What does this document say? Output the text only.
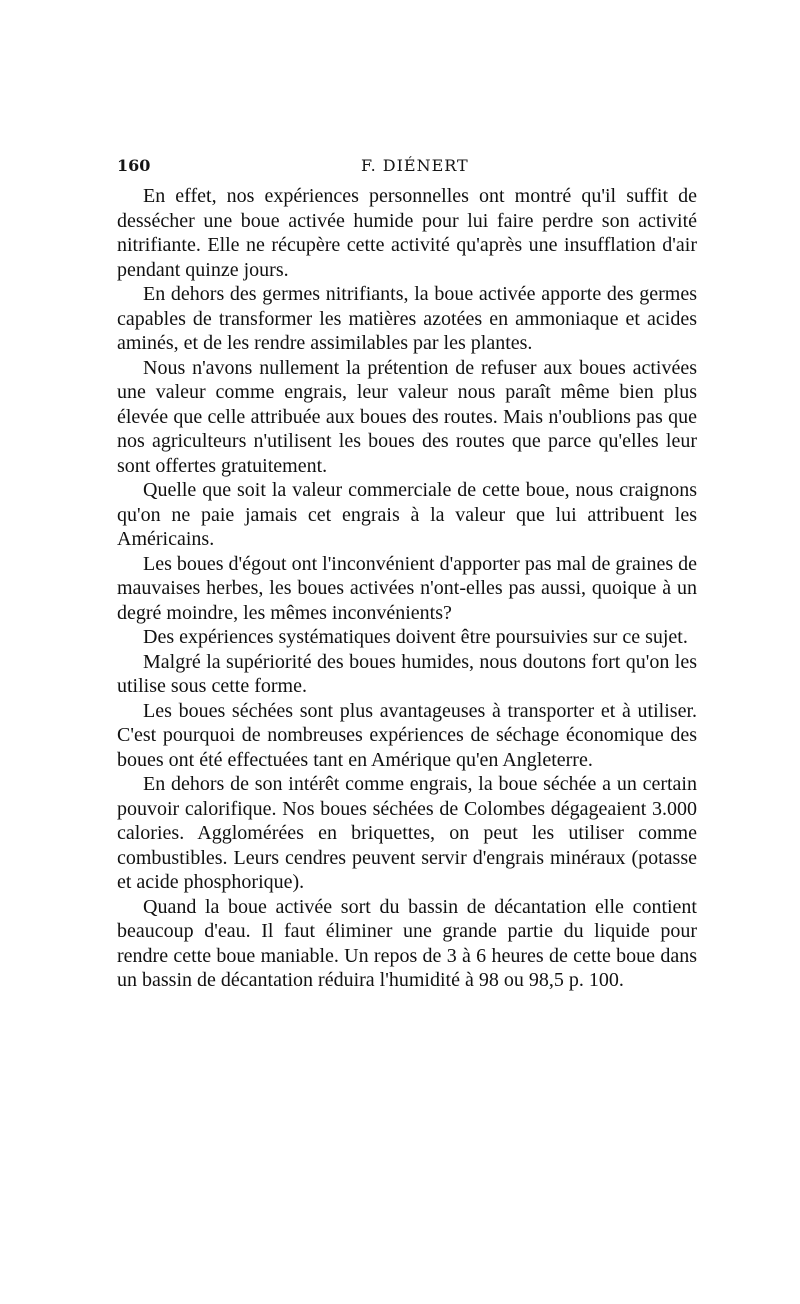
160	F. DIÉNERT

En effet, nos expériences personnelles ont montré qu'il suffit de dessécher une boue activée humide pour lui faire perdre son activité nitrifiante. Elle ne récupère cette activité qu'après une insufflation d'air pendant quinze jours.

En dehors des germes nitrifiants, la boue activée apporte des germes capables de transformer les matières azotées en ammoniaque et acides aminés, et de les rendre assimilables par les plantes.

Nous n'avons nullement la prétention de refuser aux boues activées une valeur comme engrais, leur valeur nous paraît même bien plus élevée que celle attribuée aux boues des routes. Mais n'oublions pas que nos agriculteurs n'utilisent les boues des routes que parce qu'elles leur sont offertes gratuitement.

Quelle que soit la valeur commerciale de cette boue, nous craignons qu'on ne paie jamais cet engrais à la valeur que lui attribuent les Américains.

Les boues d'égout ont l'inconvénient d'apporter pas mal de graines de mauvaises herbes, les boues activées n'ont-elles pas aussi, quoique à un degré moindre, les mêmes inconvénients?

Des expériences systématiques doivent être poursuivies sur ce sujet.

Malgré la supériorité des boues humides, nous doutons fort qu'on les utilise sous cette forme.

Les boues séchées sont plus avantageuses à transporter et à utiliser. C'est pourquoi de nombreuses expériences de séchage économique des boues ont été effectuées tant en Amérique qu'en Angleterre.

En dehors de son intérêt comme engrais, la boue séchée a un certain pouvoir calorifique. Nos boues séchées de Colombes dégageaient 3.000 calories. Agglomérées en briquettes, on peut les utiliser comme combustibles. Leurs cendres peuvent servir d'engrais minéraux (potasse et acide phosphorique).

Quand la boue activée sort du bassin de décantation elle contient beaucoup d'eau. Il faut éliminer une grande partie du liquide pour rendre cette boue maniable. Un repos de 3 à 6 heures de cette boue dans un bassin de décantation réduira l'humidité à 98 ou 98,5 p. 100.
